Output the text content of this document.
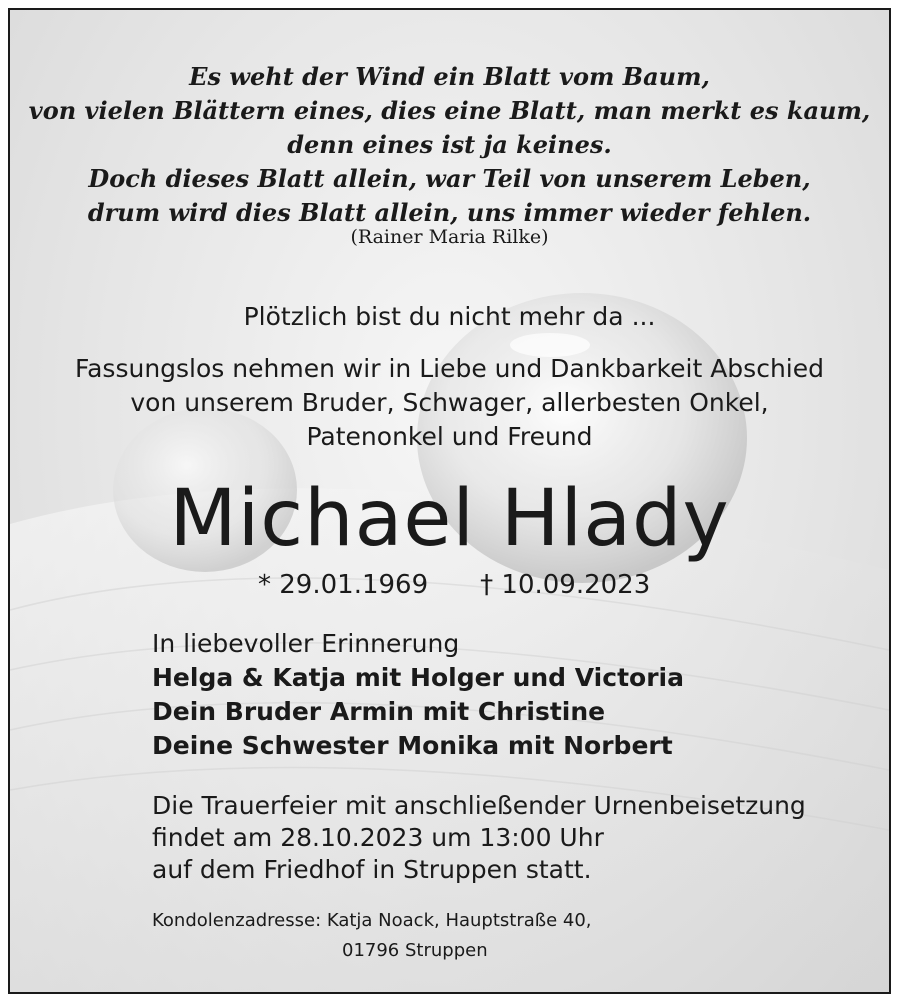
Es weht der Wind ein Blatt vom Baum,
von vielen Blättern eines, dies eine Blatt, man merkt es kaum,
denn eines ist ja keines.
Doch dieses Blatt allein, war Teil von unserem Leben,
drum wird dies Blatt allein, uns immer wieder fehlen.
(Rainer Maria Rilke)
Plötzlich bist du nicht mehr da ...
Fassungslos nehmen wir in Liebe und Dankbarkeit Abschied
von unserem Bruder, Schwager, allerbesten Onkel,
Patenonkel und Freund
Michael Hlady
* 29.01.1969 † 10.09.2023
In liebevoller Erinnerung
Helga & Katja mit Holger und Victoria
Dein Bruder Armin mit Christine
Deine Schwester Monika mit Norbert
Die Trauerfeier mit anschließender Urnenbeisetzung
findet am 28.10.2023 um 13:00 Uhr
auf dem Friedhof in Struppen statt.
Kondolenzadresse: Katja Noack, Hauptstraße 40,
01796 Struppen
